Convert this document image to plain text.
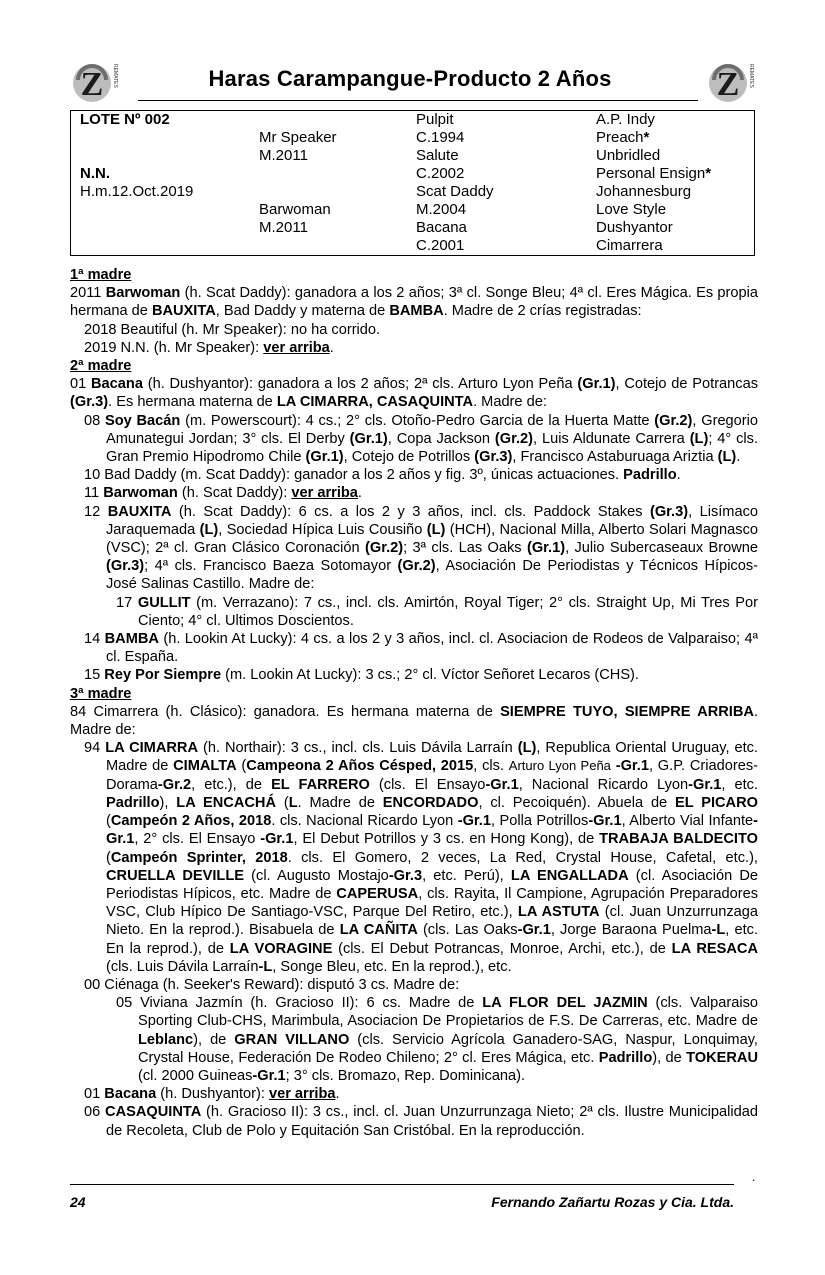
Z REMATES	Z REMATES
Haras Carampangue-Producto 2 Años
LOTE Nº 002
N.N.
H.m.12.Oct.2019
Mr Speaker
M.2011
Barwoman
M.2011
Pulpit
C.1994
Salute
C.2002
Scat Daddy
M.2004
Bacana
C.2001
A.P. Indy
Preach*
Unbridled
Personal Ensign*
Johannesburg
Love Style
Dushyantor
Cimarrera

1ª madre

2011 Barwoman (h. Scat Daddy): ganadora a los 2 años; 3ª cl. Songe Bleu; 4ª cl. Eres Mágica. Es propia hermana de BAUXITA, Bad Daddy y materna de BAMBA. Madre de 2 crías registradas:

2018 Beautiful (h. Mr Speaker): no ha corrido.

2019 N.N. (h. Mr Speaker): ver arriba.

2ª madre

01 Bacana (h. Dushyantor): ganadora a los 2 años; 2ª cls. Arturo Lyon Peña (Gr.1), Cotejo de Potrancas (Gr.3). Es hermana materna de LA CIMARRA, CASAQUINTA. Madre de:

08 Soy Bacán (m. Powerscourt): 4 cs.; 2° cls. Otoño-Pedro Garcia de la Huerta Matte (Gr.2), Gregorio Amunategui Jordan; 3° cls. El Derby (Gr.1), Copa Jackson (Gr.2), Luis Aldunate Carrera (L); 4° cls. Gran Premio Hipodromo Chile (Gr.1), Cotejo de Potrillos (Gr.3), Francisco Astaburuaga Ariztia (L).

10 Bad Daddy (m. Scat Daddy): ganador a los 2 años y fig. 3º, únicas actuaciones. Padrillo.

11 Barwoman (h. Scat Daddy): ver arriba.

12 BAUXITA (h. Scat Daddy): 6 cs. a los 2 y 3 años, incl. cls. Paddock Stakes (Gr.3), Lisímaco Jaraquemada (L), Sociedad Hípica Luis Cousiño (L) (HCH), Nacional Milla, Alberto Solari Magnasco (VSC); 2ª cl. Gran Clásico Coronación (Gr.2); 3ª cls. Las Oaks (Gr.1), Julio Subercaseaux Browne (Gr.3); 4ª cls. Francisco Baeza Sotomayor (Gr.2), Asociación De Periodistas y Técnicos Hípicos-José Salinas Castillo. Madre de:

17 GULLIT (m. Verrazano): 7 cs., incl. cls. Amirtón, Royal Tiger; 2° cls. Straight Up, Mi Tres Por Ciento; 4° cl. Ultimos Doscientos.

14 BAMBA (h. Lookin At Lucky): 4 cs. a los 2 y 3 años, incl. cl. Asociacion de Rodeos de Valparaiso; 4ª cl. España.

15 Rey Por Siempre (m. Lookin At Lucky): 3 cs.; 2° cl. Víctor Señoret Lecaros (CHS).

3ª madre

84 Cimarrera (h. Clásico): ganadora. Es hermana materna de SIEMPRE TUYO, SIEMPRE ARRIBA. Madre de:

94 LA CIMARRA (h. Northair): 3 cs., incl. cls. Luis Dávila Larraín (L), Republica Oriental Uruguay, etc. Madre de CIMALTA (Campeona 2 Años Césped, 2015, cls. Arturo Lyon Peña -Gr.1, G.P. Criadores-Dorama-Gr.2, etc.), de EL FARRERO (cls. El Ensayo-Gr.1, Nacional Ricardo Lyon-Gr.1, etc. Padrillo), LA ENCACHÁ (L. Madre de ENCORDADO, cl. Pecoiquén). Abuela de EL PICARO (Campeón 2 Años, 2018. cls. Nacional Ricardo Lyon -Gr.1, Polla Potrillos-Gr.1, Alberto Vial Infante-Gr.1, 2° cls. El Ensayo -Gr.1, El Debut Potrillos y 3 cs. en Hong Kong), de TRABAJA BALDECITO (Campeón Sprinter, 2018. cls. El Gomero, 2 veces, La Red, Crystal House, Cafetal, etc.), CRUELLA DEVILLE (cl. Augusto Mostajo-Gr.3, etc. Perú), LA ENGALLADA (cl. Asociación De Periodistas Hípicos, etc. Madre de CAPERUSA, cls. Rayita, Il Campione, Agrupación Preparadores VSC, Club Hípico De Santiago-VSC, Parque Del Retiro, etc.), LA ASTUTA (cl. Juan Unzurrunzaga Nieto. En la reprod.). Bisabuela de LA CAÑITA (cls. Las Oaks-Gr.1, Jorge Baraona Puelma-L, etc. En la reprod.), de LA VORAGINE (cls. El Debut Potrancas, Monroe, Archi, etc.), de LA RESACA (cls. Luis Dávila Larraín-L, Songe Bleu, etc. En la reprod.), etc.

00 Ciénaga (h. Seeker's Reward): disputó 3 cs. Madre de:

05 Viviana Jazmín (h. Gracioso II): 6 cs. Madre de LA FLOR DEL JAZMIN (cls. Valparaiso Sporting Club-CHS, Marimbula, Asociacion De Propietarios de F.S. De Carreras, etc. Madre de Leblanc), de GRAN VILLANO (cls. Servicio Agrícola Ganadero-SAG, Naspur, Lonquimay, Crystal House, Federación De Rodeo Chileno; 2° cl. Eres Mágica, etc. Padrillo), de TOKERAU (cl. 2000 Guineas-Gr.1; 3° cls. Bromazo, Rep. Dominicana).

01 Bacana (h. Dushyantor): ver arriba.

06 CASAQUINTA (h. Gracioso II): 3 cs., incl. cl. Juan Unzurrunzaga Nieto; 2ª cls. Ilustre Municipalidad de Recoleta, Club de Polo y Equitación San Cristóbal. En la reproducción.

.
24	Fernando Zañartu Rozas y Cia. Ltda.
